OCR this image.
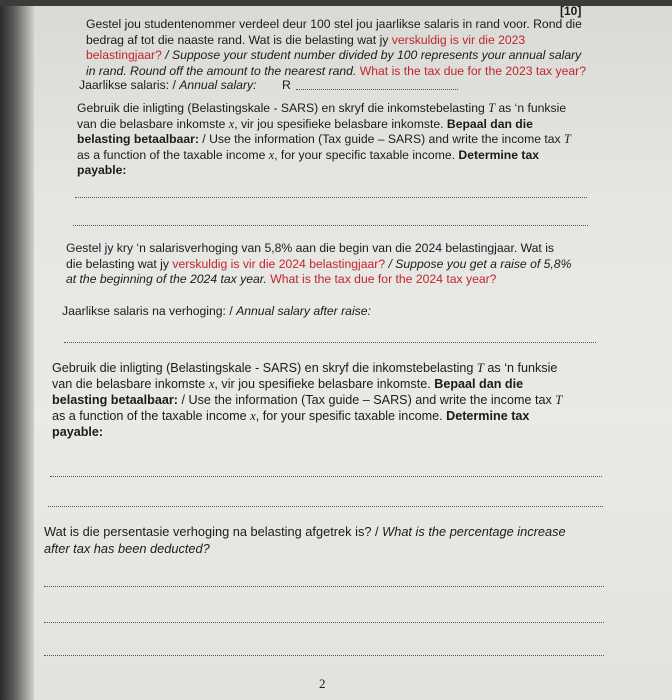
[10]
Gestel jou studentenommer verdeel deur 100 stel jou jaarlikse salaris in rand voor. Rond die
bedrag af tot die naaste rand. Wat is die belasting wat jy verskuldig is vir die 2023
belastingjaar? / Suppose your student number divided by 100 represents your annual salary
in rand. Round off the amount to the nearest rand. What is the tax due for the 2023 tax year?
Jaarlikse salaris: / Annual salary: R
Gebruik die inligting (Belastingskale - SARS) en skryf die inkomstebelasting T as ‘n funksie
van die belasbare inkomste x, vir jou spesifieke belasbare inkomste. Bepaal dan die
belasting betaalbaar: / Use the information (Tax guide – SARS) and write the income tax T
as a function of the taxable income x, for your specific taxable income. Determine tax
payable:
Gestel jy kry ‘n salarisverhoging van 5,8% aan die begin van die 2024 belastingjaar. Wat is
die belasting wat jy verskuldig is vir die 2024 belastingjaar? / Suppose you get a raise of 5,8%
at the beginning of the 2024 tax year. What is the tax due for the 2024 tax year?
Jaarlikse salaris na verhoging: / Annual salary after raise:
Gebruik die inligting (Belastingskale - SARS) en skryf die inkomstebelasting T as ‘n funksie
van die belasbare inkomste x, vir jou spesifieke belasbare inkomste. Bepaal dan die
belasting betaalbaar: / Use the information (Tax guide – SARS) and write the income tax T
as a function of the taxable income x, for your spesific taxable income. Determine tax
payable:
Wat is die persentasie verhoging na belasting afgetrek is? / What is the percentage increase
after tax has been deducted?
2
